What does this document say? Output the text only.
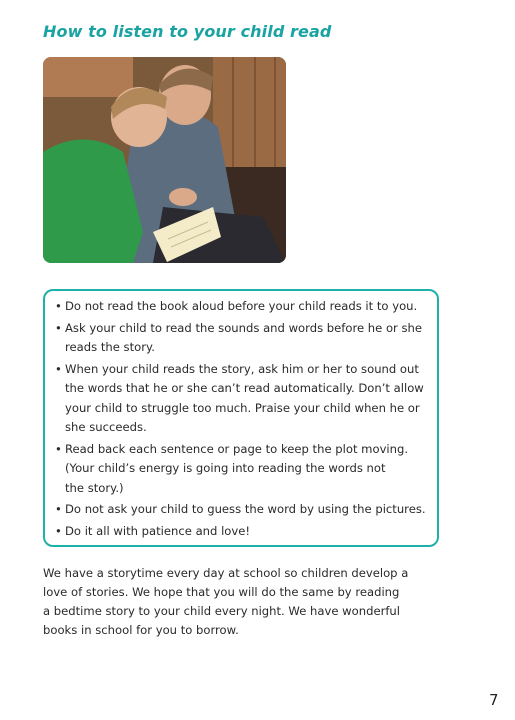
How to listen to your child read
• Do not read the book aloud before your child reads it to you.
• Ask your child to read the sounds and words before he or she
reads the story.
• When your child reads the story, ask him or her to sound out
the words that he or she can’t read automatically. Don’t allow
your child to struggle too much. Praise your child when he or
she succeeds.
• Read back each sentence or page to keep the plot moving.
(Your child’s energy is going into reading the words not
the story.)
• Do not ask your child to guess the word by using the pictures.
• Do it all with patience and love!

We have a storytime every day at school so children develop a
love of stories. We hope that you will do the same by reading
a bedtime story to your child every night. We have wonderful
books in school for you to borrow.

7
